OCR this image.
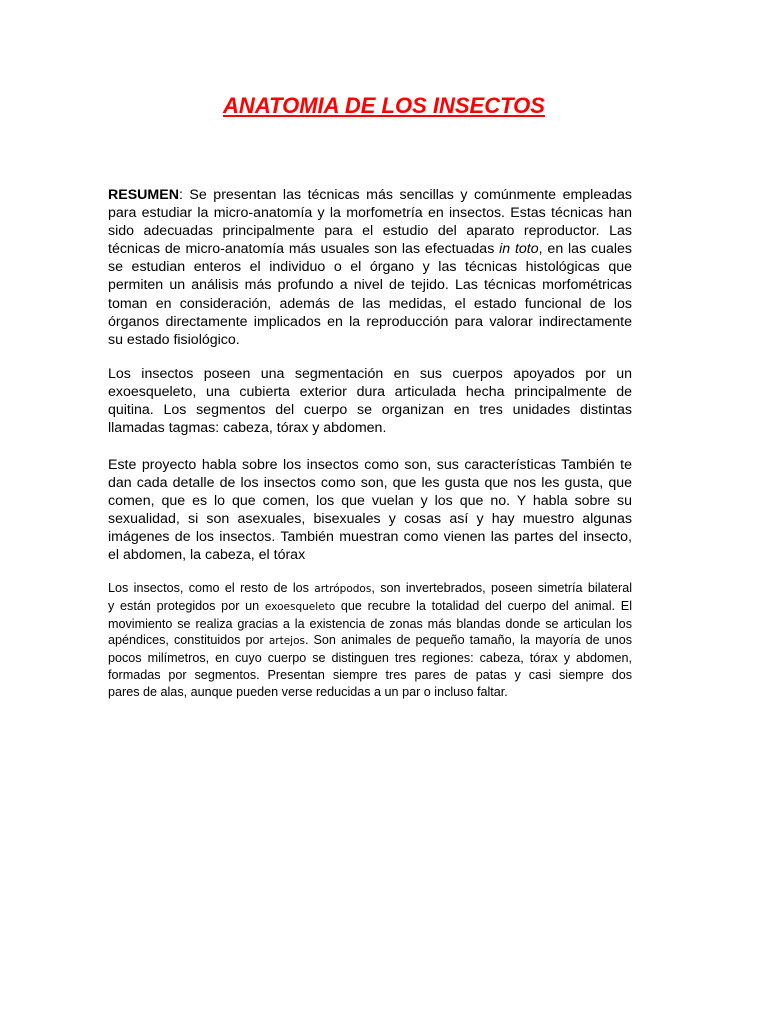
ANATOMIA DE LOS INSECTOS
RESUMEN: Se presentan las técnicas más sencillas y comúnmente empleadas
para estudiar la micro-anatomía y la morfometría en insectos. Estas técnicas han
sido adecuadas principalmente para el estudio del aparato reproductor. Las
técnicas de micro-anatomía más usuales son las efectuadas in toto, en las cuales
se estudian enteros el individuo o el órgano y las técnicas histológicas que
permiten un análisis más profundo a nivel de tejido. Las técnicas morfométricas
toman en consideración, además de las medidas, el estado funcional de los
órganos directamente implicados en la reproducción para valorar indirectamente
su estado fisiológico.
Los insectos poseen una segmentación en sus cuerpos apoyados por un
exoesqueleto, una cubierta exterior dura articulada hecha principalmente de
quitina. Los segmentos del cuerpo se organizan en tres unidades distintas
llamadas tagmas: cabeza, tórax y abdomen.
Este proyecto habla sobre los insectos como son, sus características También te
dan cada detalle de los insectos como son, que les gusta que nos les gusta, que
comen, que es lo que comen, los que vuelan y los que no. Y habla sobre su
sexualidad, si son asexuales, bisexuales y cosas así y hay muestro algunas
imágenes de los insectos. También muestran como vienen las partes del insecto,
el abdomen, la cabeza, el tórax
Los insectos, como el resto de los artrópodos, son invertebrados, poseen simetría bilateral
y están protegidos por un exoesqueleto que recubre la totalidad del cuerpo del animal. El
movimiento se realiza gracias a la existencia de zonas más blandas donde se articulan los
apéndices, constituidos por artejos. Son animales de pequeño tamaño, la mayoría de unos
pocos milímetros, en cuyo cuerpo se distinguen tres regiones: cabeza, tórax y abdomen,
formadas por segmentos. Presentan siempre tres pares de patas y casi siempre dos
pares de alas, aunque pueden verse reducidas a un par o incluso faltar.
